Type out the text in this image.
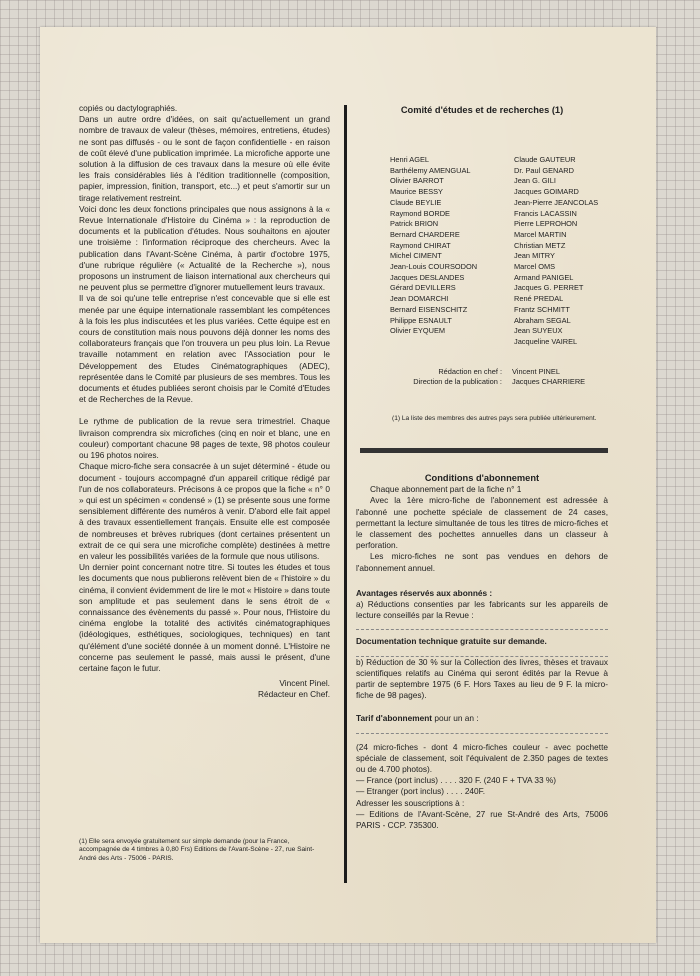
copiés ou dactylographiés.

Dans un autre ordre d'idées, on sait qu'actuellement un grand nombre de travaux de valeur (thèses, mémoires, entretiens, études) ne sont pas diffusés - ou le sont de façon confidentielle - en raison de coût élevé d'une publication imprimée. La microfiche apporte une solution à la diffusion de ces travaux dans la mesure où elle évite les frais considérables liés à l'édition traditionnelle (composition, papier, impression, finition, transport, etc...) et peut s'amortir sur un tirage relativement restreint.

Voici donc les deux fonctions principales que nous assignons à la « Revue Internationale d'Histoire du Cinéma » : la reproduction de documents et la publication d'études. Nous souhaitons en ajouter une troisième : l'information réciproque des chercheurs. Avec la publication dans l'Avant-Scène Cinéma, à partir d'octobre 1975, d'une rubrique régulière (« Actualité de la Recherche »), nous proposons un instrument de liaison international aux chercheurs qui ne peuvent plus se permettre d'ignorer mutuellement leurs travaux.

Il va de soi qu'une telle entreprise n'est concevable que si elle est menée par une équipe internationale rassemblant les compétences à la fois les plus indiscutées et les plus variées. Cette équipe est en cours de constitution mais nous pouvons déjà donner les noms des collaborateurs français que l'on trouvera un peu plus loin. La Revue travaille notamment en relation avec l'Association pour le Développement des Etudes Cinématographiques (ADEC), représentée dans le Comité par plusieurs de ses membres. Tous les documents et études publiées seront choisis par le Comité d'Etudes et de Recherches de la Revue.

Le rythme de publication de la revue sera trimestriel. Chaque livraison comprendra six microfiches (cinq en noir et blanc, une en couleur) comportant chacune 98 pages de texte, 98 photos couleur ou 196 photos noires.

Chaque micro-fiche sera consacrée à un sujet déterminé - étude ou document - toujours accompagné d'un appareil critique rédigé par l'un de nos collaborateurs. Précisons à ce propos que la fiche « n° 0 » qui est un spécimen « condensé » (1) se présente sous une forme sensiblement différente des numéros à venir. D'abord elle fait appel à des travaux essentiellement français. Ensuite elle est composée de nombreuses et brèves rubriques (dont certaines présentent un extrait de ce qui sera une microfiche complète) destinées à mettre en valeur les possibilités variées de la formule que nous utilisons.

Un dernier point concernant notre titre. Si toutes les études et tous les documents que nous publierons relèvent bien de « l'histoire » du cinéma, il convient évidemment de lire le mot « Histoire » dans toute son amplitude et pas seulement dans le sens étroit de « connaissance des évènements du passé ». Pour nous, l'Histoire du cinéma englobe la totalité des activités cinématographiques (idéologiques, esthétiques, sociologiques, techniques) en tant qu'élément d'une société donnée à un moment donné. L'Histoire ne concerne pas seulement le passé, mais aussi le présent, d'une certaine façon le futur.

Vincent Pinel.
Rédacteur en Chef.
(1) Elle sera envoyée gratuitement sur simple demande (pour la France, accompagnée de 4 timbres à 0,80 Frs) Editions de l'Avant-Scène - 27, rue Saint-André des Arts - 75006 - PARIS.
Comité d'études et de recherches (1)
Henri AGEL
Barthélemy AMENGUAL
Olivier BARROT
Maurice BESSY
Claude BEYLIE
Raymond BORDE
Patrick BRION
Bernard CHARDERE
Raymond CHIRAT
Michel CIMENT
Jean-Louis COURSODON
Jacques DESLANDES
Gérard DEVILLERS
Jean DOMARCHI
Bernard EISENSCHITZ
Philippe ESNAULT
Olivier EYQUEM
Claude GAUTEUR
Dr. Paul GENARD
Jean G. GILI
Jacques GOIMARD
Jean-Pierre JEANCOLAS
Francis LACASSIN
Pierre LEPROHON
Marcel MARTIN
Christian METZ
Jean MITRY
Marcel OMS
Armand PANIGEL
Jacques G. PERRET
René PREDAL
Frantz SCHMITT
Abraham SEGAL
Jean SUYEUX
Jacqueline VAIREL
Rédaction en chef : Vincent PINEL
Direction de la publication : Jacques CHARRIERE
(1) La liste des membres des autres pays sera publiée ultérieurement.
Conditions d'abonnement

Chaque abonnement part de la fiche n° 1

Avec la 1ère micro-fiche de l'abonnement est adressée à l'abonné une pochette spéciale de classement de 24 cases, permettant la lecture simultanée de tous les titres de micro-fiches et le classement des pochettes annuelles dans un classeur à perforation.

Les micro-fiches ne sont pas vendues en dehors de l'abonnement annuel.

Avantages réservés aux abonnés :

a) Réductions consenties par les fabricants sur les appareils de lecture conseillés par la Revue :

Documentation technique gratuite sur demande.

b) Réduction de 30 % sur la Collection des livres, thèses et travaux scientifiques relatifs au Cinéma qui seront édités par la Revue à partir de septembre 1975 (6 F. Hors Taxes au lieu de 9 F. la micro-fiche de 98 pages).

Tarif d'abonnement pour un an :

(24 micro-fiches - dont 4 micro-fiches couleur - avec pochette spéciale de classement, soit l'équivalent de 2.350 pages de textes ou de 4.700 photos).

— France (port inclus) . . . . 320 F. (240 F + TVA 33 %)

— Etranger (port inclus) . . . . 240F.

Adresser les souscriptions à :

— Editions de l'Avant-Scène, 27 rue St-André des Arts, 75006 PARIS - CCP. 735300.
